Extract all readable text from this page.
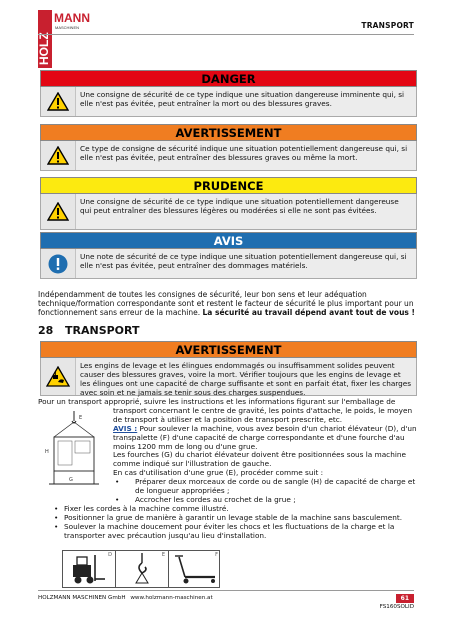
HOLZ
MANN
MASCHINEN	TRANSPORT
DANGER
Une consigne de sécurité de ce type indique une situation dangereuse imminente qui, si elle n'est pas évitée, peut entraîner la mort ou des blessures graves.
AVERTISSEMENT
Ce type de consigne de sécurité indique une situation potentiellement dangereuse qui, si elle n'est pas évitée, peut entraîner des blessures graves ou même la mort.
PRUDENCE
Une consigne de sécurité de ce type indique une situation potentiellement dangereuse qui peut entraîner des blessures légères ou modérées si elle ne sont pas évitées.
AVIS
Une note de sécurité de ce type indique une situation potentiellement dangereuse qui, si elle n'est pas évitée, peut entraîner des dommages matériels.
Indépendamment de toutes les consignes de sécurité, leur bon sens et leur adéquation technique/formation correspondante sont et restent le facteur de sécurité le plus important pour un fonctionnement sans erreur de la machine. La sécurité au travail dépend avant tout de vous !
28 TRANSPORT
AVERTISSEMENT
Les engins de levage et les élingues endommagés ou insuffisamment solides peuvent causer des blessures graves, voire la mort. Vérifier toujours que les engins de levage et les élingues ont une capacité de charge suffisante et sont en parfait état, fixer les charges avec soin et ne jamais se tenir sous des charges suspendues.
Pour un transport approprié, suivre les instructions et les informations figurant sur l'emballage de
transport concernant le centre de gravité, les points d'attache, le poids, le moyen de transport à utiliser et la position de transport prescrite, etc.
AVIS : Pour soulever la machine, vous avez besoin d'un chariot élévateur (D), d'un transpalette (F) d'une capacité de charge correspondante et d'une fourche d'au moins 1200 mm de long ou d'une grue.
Les fourches (G) du chariot élévateur doivent être positionnées sous la machine comme indiqué sur l'illustration de gauche.
En cas d'utilisation d'une grue (E), procéder comme suit :
• Préparer deux morceaux de corde ou de sangle (H) de capacité de charge et de longueur appropriées ;
• Accrocher les cordes au crochet de la grue ;
• Fixer les cordes à la machine comme illustré.
• Positionner la grue de manière à garantir un levage stable de la machine sans basculement.
• Soulever la machine doucement pour éviter les chocs et les fluctuations de la charge et la transporter avec précaution jusqu'au lieu d'installation.
H
G
E
D	E	F
HOLZMANN MASCHINEN GmbH www.holzmann-maschinen.at	61
FS160SOLID
